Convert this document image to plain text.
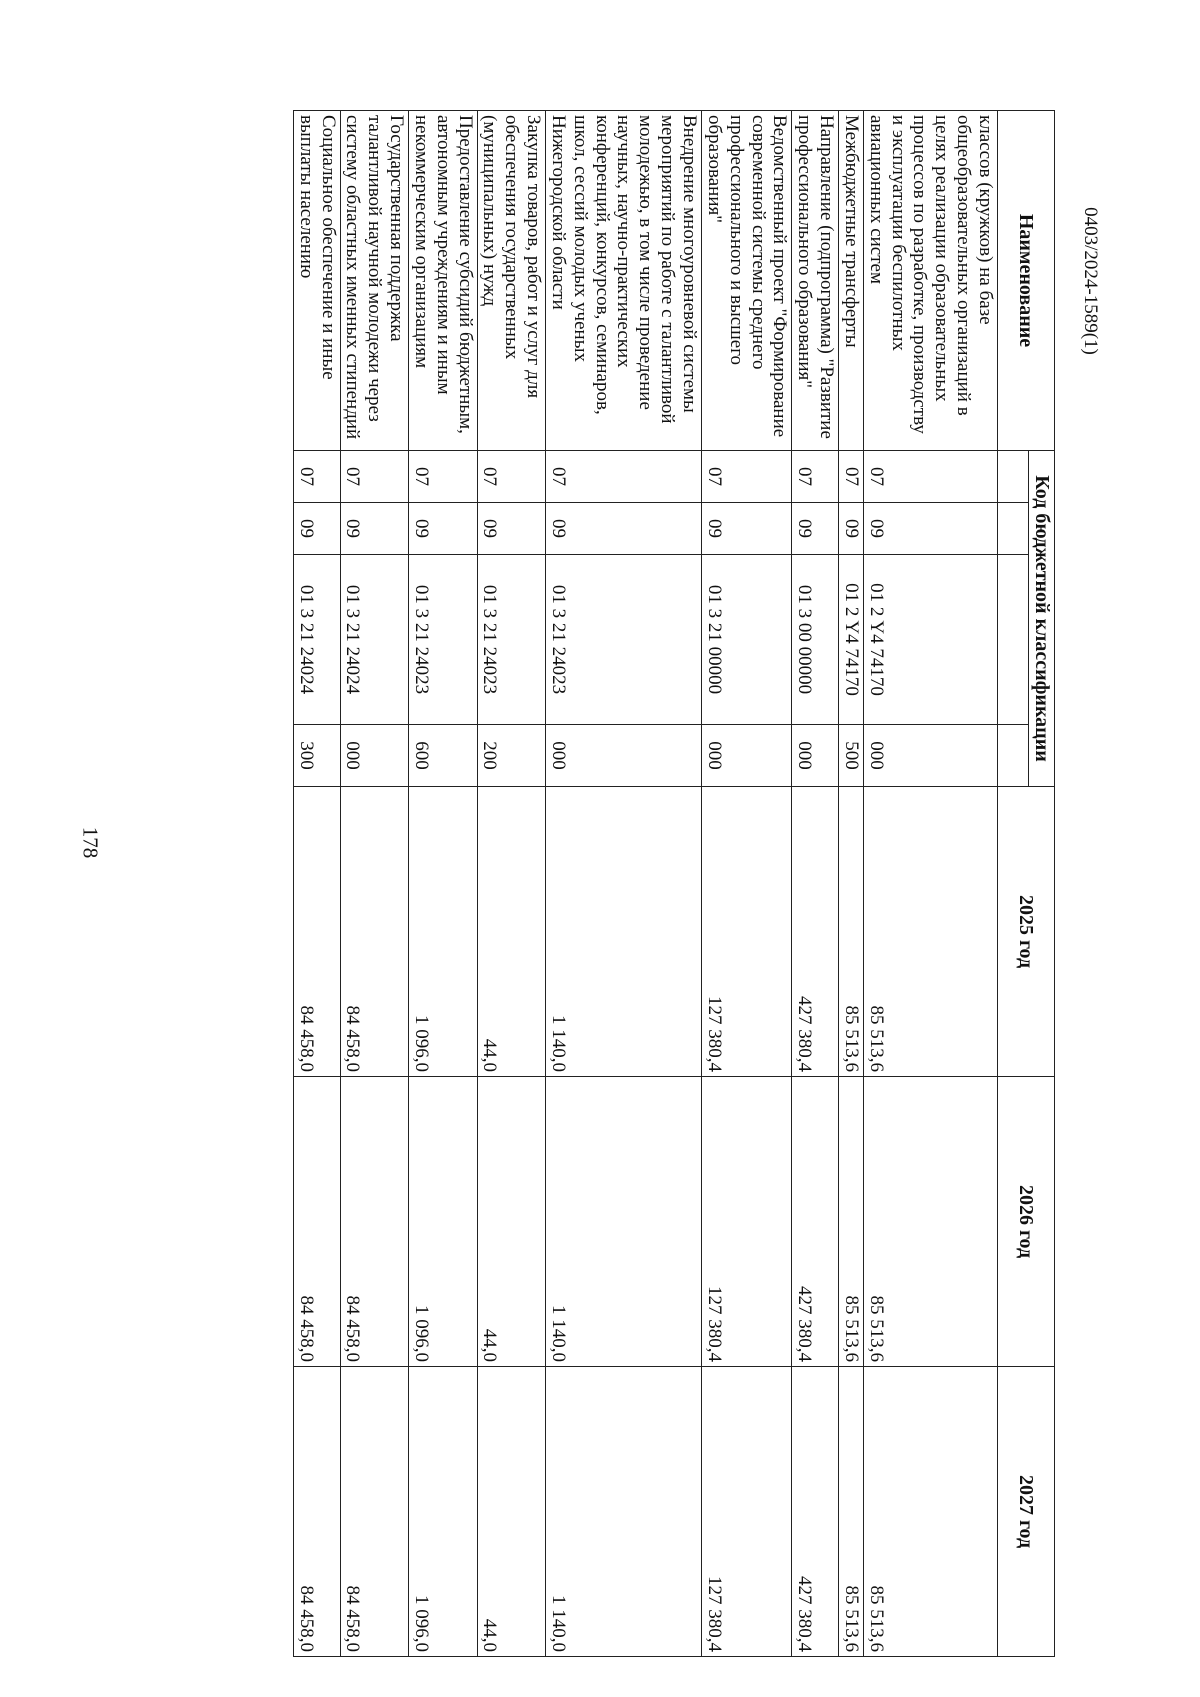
178
Наименование	Код бюджетной классификации				2025 год	2026 год	2027 год

классов (кружков) на базе общеобразовательных организаций в целях реализации образовательных процессов по разработке, производству и эксплуатации беспилотных авиационных систем	07	09	01 2 Y4 74170	000	85 513,6	85 513,6	85 513,6
Межбюджетные трансферты	07	09	01 2 Y4 74170	500	85 513,6	85 513,6	85 513,6
Направление (подпрограмма) "Развитие профессионального образования"	07	09	01 3 00 00000	000	427 380,4	427 380,4	427 380,4
Ведомственный проект "Формирование современной системы среднего профессионального и высшего образования"	07	09	01 3 21 00000	000	127 380,4	127 380,4	127 380,4
Внедрение многоуровневой системы мероприятий по работе с талантливой молодежью, в том числе проведение научных, научно-практических конференций, конкурсов, семинаров, школ, сессий молодых ученых Нижегородской области	07	09	01 3 21 24023	000	1 140,0	1 140,0	1 140,0
Закупка товаров, работ и услуг для обеспечения государственных (муниципальных) нужд	07	09	01 3 21 24023	200	44,0	44,0	44,0
Предоставление субсидий бюджетным, автономным учреждениям и иным некоммерческим организациям	07	09	01 3 21 24023	600	1 096,0	1 096,0	1 096,0
Государственная поддержка талантливой научной молодежи через систему областных именных стипендий	07	09	01 3 21 24024	000	84 458,0	84 458,0	84 458,0
Социальное обеспечение и иные выплаты населению	07	09	01 3 21 24024	300	84 458,0	84 458,0	84 458,0
0403/2024-1589(1)
